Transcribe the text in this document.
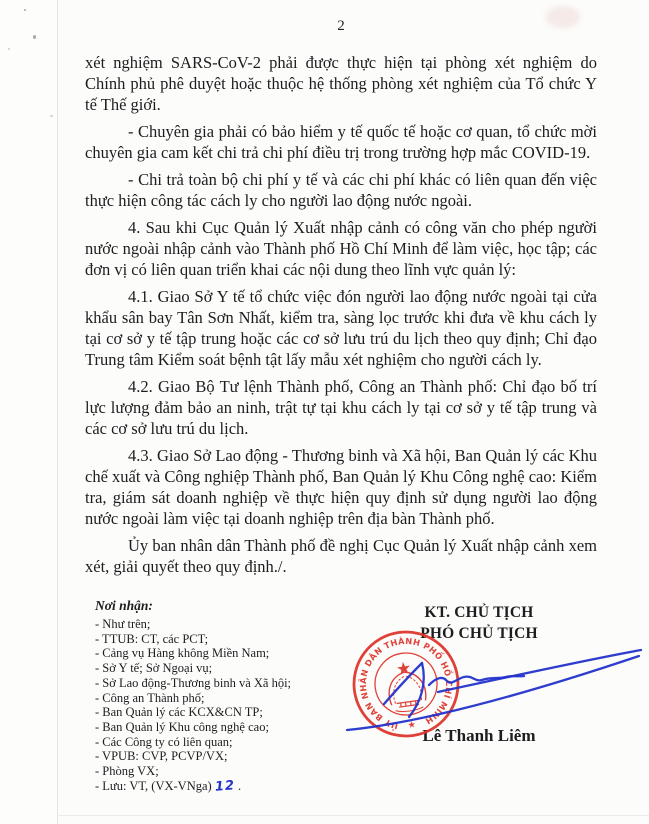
2

xét nghiệm SARS-CoV-2 phải được thực hiện tại phòng xét nghiệm do Chính phủ phê duyệt hoặc thuộc hệ thống phòng xét nghiệm của Tổ chức Y tế Thế giới.

- Chuyên gia phải có bảo hiểm y tế quốc tế hoặc cơ quan, tổ chức mời chuyên gia cam kết chi trả chi phí điều trị trong trường hợp mắc COVID-19.

- Chi trả toàn bộ chi phí y tế và các chi phí khác có liên quan đến việc thực hiện công tác cách ly cho người lao động nước ngoài.

4. Sau khi Cục Quản lý Xuất nhập cảnh có công văn cho phép người nước ngoài nhập cảnh vào Thành phố Hồ Chí Minh để làm việc, học tập; các đơn vị có liên quan triển khai các nội dung theo lĩnh vực quản lý:

4.1. Giao Sở Y tế tổ chức việc đón người lao động nước ngoài tại cửa khẩu sân bay Tân Sơn Nhất, kiểm tra, sàng lọc trước khi đưa về khu cách ly tại cơ sở y tế tập trung hoặc các cơ sở lưu trú du lịch theo quy định; Chỉ đạo Trung tâm Kiểm soát bệnh tật lấy mẫu xét nghiệm cho người cách ly.

4.2. Giao Bộ Tư lệnh Thành phố, Công an Thành phố: Chỉ đạo bố trí lực lượng đảm bảo an ninh, trật tự tại khu cách ly tại cơ sở y tế tập trung và các cơ sở lưu trú du lịch.

4.3. Giao Sở Lao động - Thương binh và Xã hội, Ban Quản lý các Khu chế xuất và Công nghiệp Thành phố, Ban Quản lý Khu Công nghệ cao: Kiểm tra, giám sát doanh nghiệp về thực hiện quy định sử dụng người lao động nước ngoài làm việc tại doanh nghiệp trên địa bàn Thành phố.

Ủy ban nhân dân Thành phố đề nghị Cục Quản lý Xuất nhập cảnh xem xét, giải quyết theo quy định./.

Nơi nhận:

- Như trên;
- TTUB: CT, các PCT;
- Cảng vụ Hàng không Miền Nam;
- Sở Y tế; Sở Ngoại vụ;
- Sở Lao động-Thương binh và Xã hội;
- Công an Thành phố;
- Ban Quản lý các KCX&CN TP;
- Ban Quản lý Khu công nghệ cao;
- Các Công ty có liên quan;
- VPUB: CVP, PCVP/VX;
- Phòng VX;
- Lưu: VT, (VX-VNga) 12 .
KT. CHỦ TỊCH
PHÓ CHỦ TỊCH
ỦY BAN NHÂN DÂN THÀNH PHỐ HỒ CHÍ MINH
★
★
Lê Thanh Liêm
